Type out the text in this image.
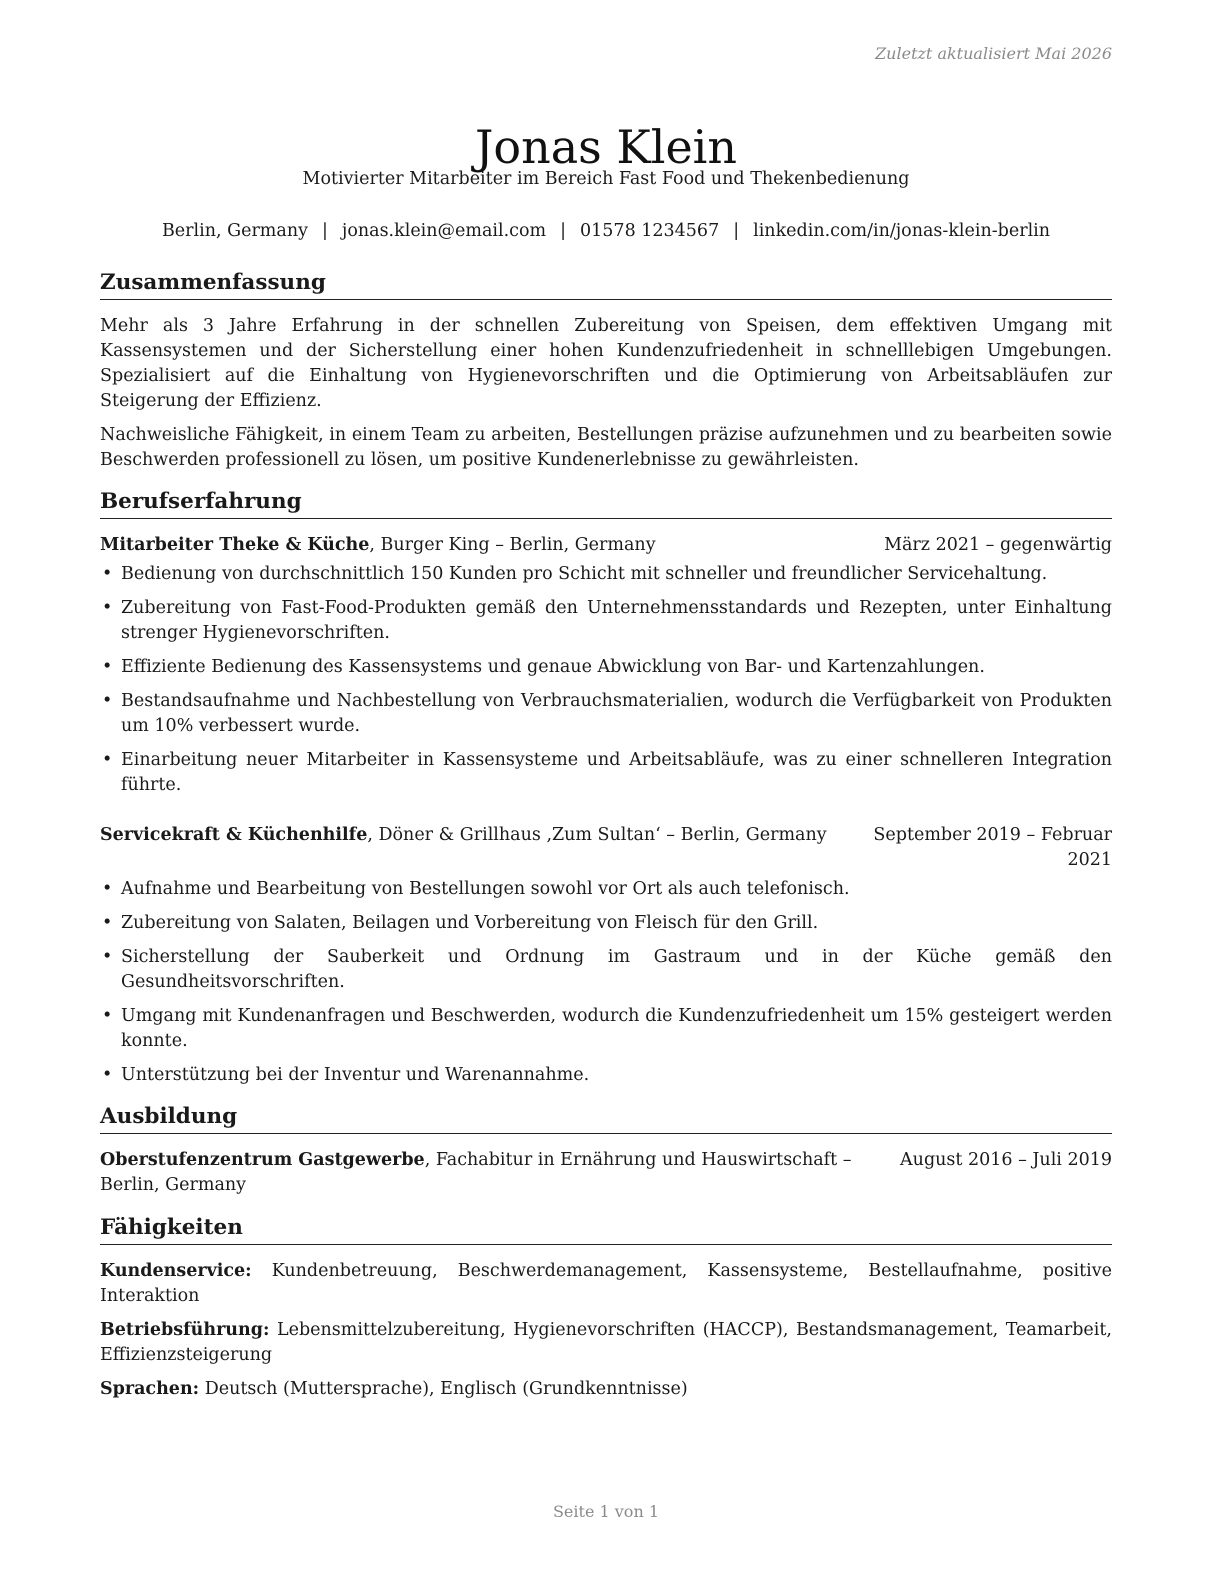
Zuletzt aktualisiert Mai 2026
Jonas Klein
Motivierter Mitarbeiter im Bereich Fast Food und Thekenbedienung
Berlin, Germany | jonas.klein@email.com | 01578 1234567 | linkedin.com/in/jonas-klein-berlin
Zusammenfassung

Mehr als 3 Jahre Erfahrung in der schnellen Zubereitung von Speisen, dem effektiven Umgang mit Kassensystemen und der Sicherstellung einer hohen Kundenzufriedenheit in schnelllebigen Umgebungen. Spezialisiert auf die Einhaltung von Hygienevorschriften und die Optimierung von Arbeitsabläufen zur Steigerung der Effizienz.

Nachweisliche Fähigkeit, in einem Team zu arbeiten, Bestellungen präzise aufzunehmen und zu bearbeiten sowie Beschwerden professionell zu lösen, um positive Kundenerlebnisse zu gewährleisten.

Berufserfahrung
Mitarbeiter Theke & Küche, Burger King – Berlin, Germany	März 2021 – gegenwärtig
• Bedienung von durchschnittlich 150 Kunden pro Schicht mit schneller und freundlicher Servicehaltung.
• Zubereitung von Fast-Food-Produkten gemäß den Unternehmensstandards und Rezepten, unter Einhaltung strenger Hygienevorschriften.
• Effiziente Bedienung des Kassensystems und genaue Abwicklung von Bar- und Kartenzahlungen.
• Bestandsaufnahme und Nachbestellung von Verbrauchsmaterialien, wodurch die Verfügbarkeit von Produkten um 10% verbessert wurde.
• Einarbeitung neuer Mitarbeiter in Kassensysteme und Arbeitsabläufe, was zu einer schnelleren Integration führte.
Servicekraft & Küchenhilfe, Döner & Grillhaus ‚Zum Sultan‘ – Berlin, Germany	September 2019 – Februar 2021
• Aufnahme und Bearbeitung von Bestellungen sowohl vor Ort als auch telefonisch.
• Zubereitung von Salaten, Beilagen und Vorbereitung von Fleisch für den Grill.
• Sicherstellung der Sauberkeit und Ordnung im Gastraum und in der Küche gemäß den Gesundheitsvorschriften.
• Umgang mit Kundenanfragen und Beschwerden, wodurch die Kundenzufriedenheit um 15% gesteigert werden konnte.
• Unterstützung bei der Inventur und Warenannahme.
Ausbildung
Oberstufenzentrum Gastgewerbe, Fachabitur in Ernährung und Hauswirtschaft – Berlin, Germany
August 2016 – Juli 2019
Fähigkeiten
Kundenservice: Kundenbetreuung, Beschwerdemanagement, Kassensysteme, Bestellaufnahme, positive Interaktion
Betriebsführung: Lebensmittelzubereitung, Hygienevorschriften (HACCP), Bestandsmanagement, Teamarbeit, Effizienzsteigerung
Sprachen: Deutsch (Muttersprache), Englisch (Grundkenntnisse)
Seite 1 von 1
